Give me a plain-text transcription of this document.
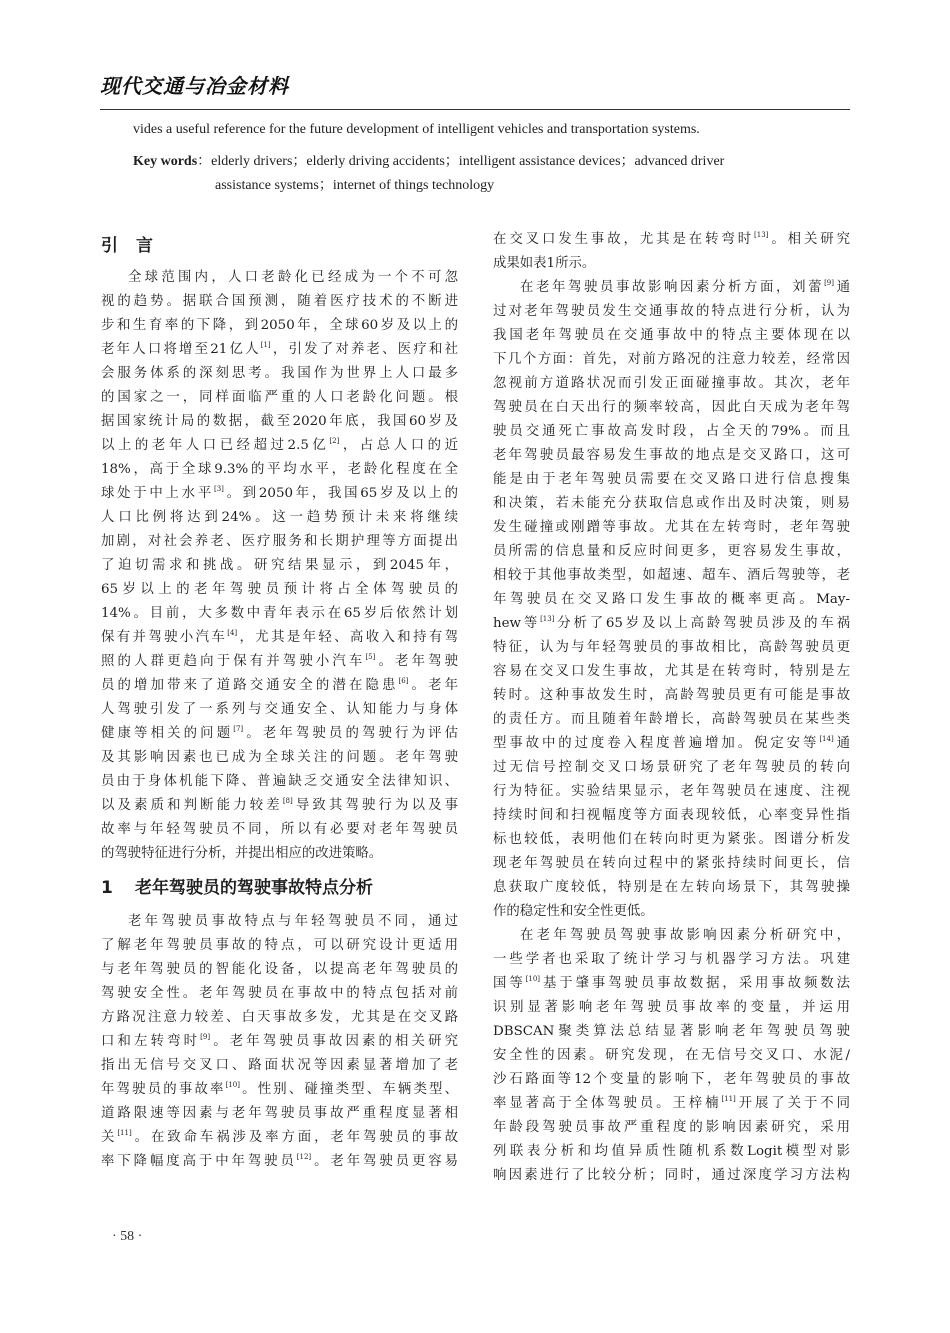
现代交通与冶金材料
vides a useful reference for the future development of intelligent vehicles and transportation systems.
Key words：elderly drivers；elderly driving accidents；intelligent assistance devices；advanced driver
assistance systems；internet of things technology
引言
全球范围内，人口老龄化已经成为一个不可忽
视的趋势。据联合国预测，随着医疗技术的不断进
步和生育率的下降，到2050年，全球60岁及以上的
老年人口将增至21亿人[1]，引发了对养老、医疗和社
会服务体系的深刻思考。我国作为世界上人口最多
的国家之一，同样面临严重的人口老龄化问题。根
据国家统计局的数据，截至2020年底，我国60岁及
以上的老年人口已经超过2.5亿[2]，占总人口的近
18%，高于全球9.3%的平均水平，老龄化程度在全
球处于中上水平[3]。到2050年，我国65岁及以上的
人口比例将达到24%。这一趋势预计未来将继续
加剧，对社会养老、医疗服务和长期护理等方面提出
了迫切需求和挑战。研究结果显示，到2045年，
65岁以上的老年驾驶员预计将占全体驾驶员的
14%。目前，大多数中青年表示在65岁后依然计划
保有并驾驶小汽车[4]，尤其是年轻、高收入和持有驾
照的人群更趋向于保有并驾驶小汽车[5]。老年驾驶
员的增加带来了道路交通安全的潜在隐患[6]。老年
人驾驶引发了一系列与交通安全、认知能力与身体
健康等相关的问题[7]。老年驾驶员的驾驶行为评估
及其影响因素也已成为全球关注的问题。老年驾驶
员由于身体机能下降、普遍缺乏交通安全法律知识、
以及素质和判断能力较差[8]导致其驾驶行为以及事
故率与年轻驾驶员不同，所以有必要对老年驾驶员
的驾驶特征进行分析，并提出相应的改进策略。
1 老年驾驶员的驾驶事故特点分析
老年驾驶员事故特点与年轻驾驶员不同，通过
了解老年驾驶员事故的特点，可以研究设计更适用
与老年驾驶员的智能化设备，以提高老年驾驶员的
驾驶安全性。老年驾驶员在事故中的特点包括对前
方路况注意力较差、白天事故多发，尤其是在交叉路
口和左转弯时[9]。老年驾驶员事故因素的相关研究
指出无信号交叉口、路面状况等因素显著增加了老
年驾驶员的事故率[10]。性别、碰撞类型、车辆类型、
道路限速等因素与老年驾驶员事故严重程度显著相
关[11]。在致命车祸涉及率方面，老年驾驶员的事故
率下降幅度高于中年驾驶员[12]。老年驾驶员更容易
在交叉口发生事故，尤其是在转弯时[13]。相关研究
成果如表1所示。
在老年驾驶员事故影响因素分析方面，刘蕾[9]通
过对老年驾驶员发生交通事故的特点进行分析，认为
我国老年驾驶员在交通事故中的特点主要体现在以
下几个方面：首先，对前方路况的注意力较差，经常因
忽视前方道路状况而引发正面碰撞事故。其次，老年
驾驶员在白天出行的频率较高，因此白天成为老年驾
驶员交通死亡事故高发时段，占全天的79%。而且
老年驾驶员最容易发生事故的地点是交叉路口，这可
能是由于老年驾驶员需要在交叉路口进行信息搜集
和决策，若未能充分获取信息或作出及时决策，则易
发生碰撞或刚蹭等事故。尤其在左转弯时，老年驾驶
员所需的信息量和反应时间更多，更容易发生事故，
相较于其他事故类型，如超速、超车、酒后驾驶等，老
年驾驶员在交叉路口发生事故的概率更高。May-
hew等[13]分析了65岁及以上高龄驾驶员涉及的车祸
特征，认为与年轻驾驶员的事故相比，高龄驾驶员更
容易在交叉口发生事故，尤其是在转弯时，特别是左
转时。这种事故发生时，高龄驾驶员更有可能是事故
的责任方。而且随着年龄增长，高龄驾驶员在某些类
型事故中的过度卷入程度普遍增加。倪定安等[14]通
过无信号控制交叉口场景研究了老年驾驶员的转向
行为特征。实验结果显示，老年驾驶员在速度、注视
持续时间和扫视幅度等方面表现较低，心率变异性指
标也较低，表明他们在转向时更为紧张。图谱分析发
现老年驾驶员在转向过程中的紧张持续时间更长，信
息获取广度较低，特别是在左转向场景下，其驾驶操
作的稳定性和安全性更低。
在老年驾驶员驾驶事故影响因素分析研究中，
一些学者也采取了统计学习与机器学习方法。巩建
国等[10]基于肇事驾驶员事故数据，采用事故频数法
识别显著影响老年驾驶员事故率的变量，并运用
DBSCAN聚类算法总结显著影响老年驾驶员驾驶
安全性的因素。研究发现，在无信号交叉口、水泥/
沙石路面等12个变量的影响下，老年驾驶员的事故
率显著高于全体驾驶员。王梓楠[11]开展了关于不同
年龄段驾驶员事故严重程度的影响因素研究，采用
列联表分析和均值异质性随机系数Logit模型对影
响因素进行了比较分析；同时，通过深度学习方法构
· 58 ·
